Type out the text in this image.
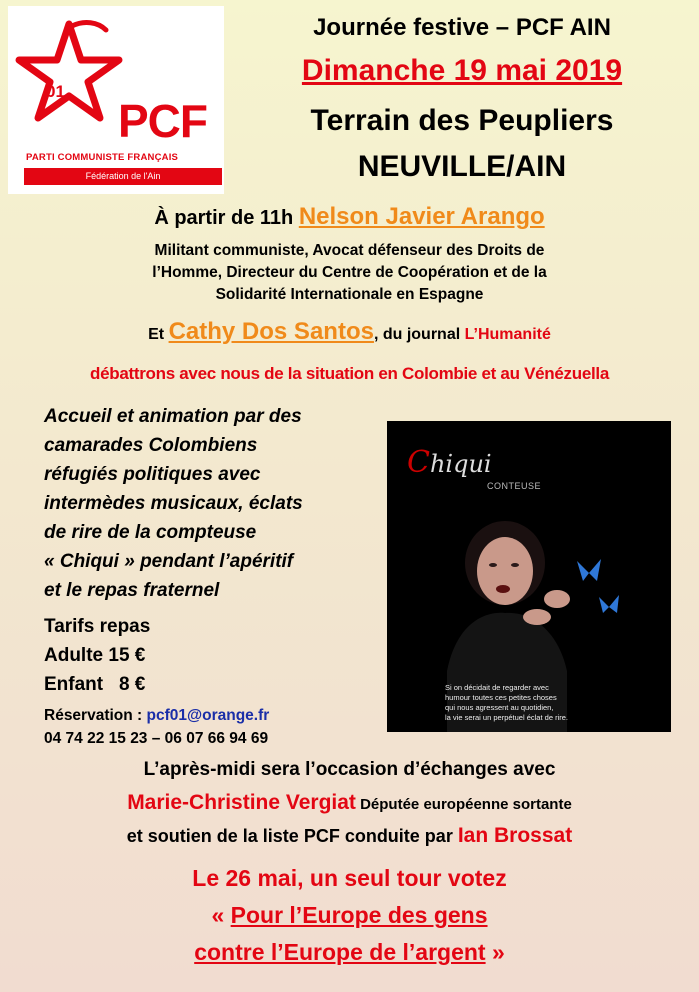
01
PCF
PARTI COMMUNISTE FRANÇAIS
Fédération de l'Ain
Journée festive – PCF AIN
Dimanche 19 mai 2019
Terrain des Peupliers
NEUVILLE/AIN
À partir de 11h Nelson Javier Arango
Militant communiste, Avocat défenseur des Droits de
l’Homme, Directeur du Centre de Coopération et de la
Solidarité Internationale en Espagne
Et Cathy Dos Santos, du journal L’Humanité
débattrons avec nous de la situation en Colombie et au Vénézuella
Accueil et animation par des
camarades Colombiens
réfugiés politiques avec
intermèdes musicaux, éclats
de rire de la compteuse
« Chiqui » pendant l’apéritif
et le repas fraternel
Tarifs repas
Adulte 15 €
Enfant   8 €
Réservation : pcf01@orange.fr
04 74 22 15 23 – 06 07 66 94 69
Chiqui
CONTEUSE
Si on décidait de regarder avec
humour toutes ces petites choses
qui nous agressent au quotidien,
la vie serai un perpétuel éclat de rire.
L’après-midi sera l’occasion d’échanges avec
Marie-Christine Vergiat Députée européenne sortante
et soutien de la liste PCF conduite par Ian Brossat
Le 26 mai, un seul tour votez
« Pour l’Europe des gens
contre l’Europe de l’argent »
